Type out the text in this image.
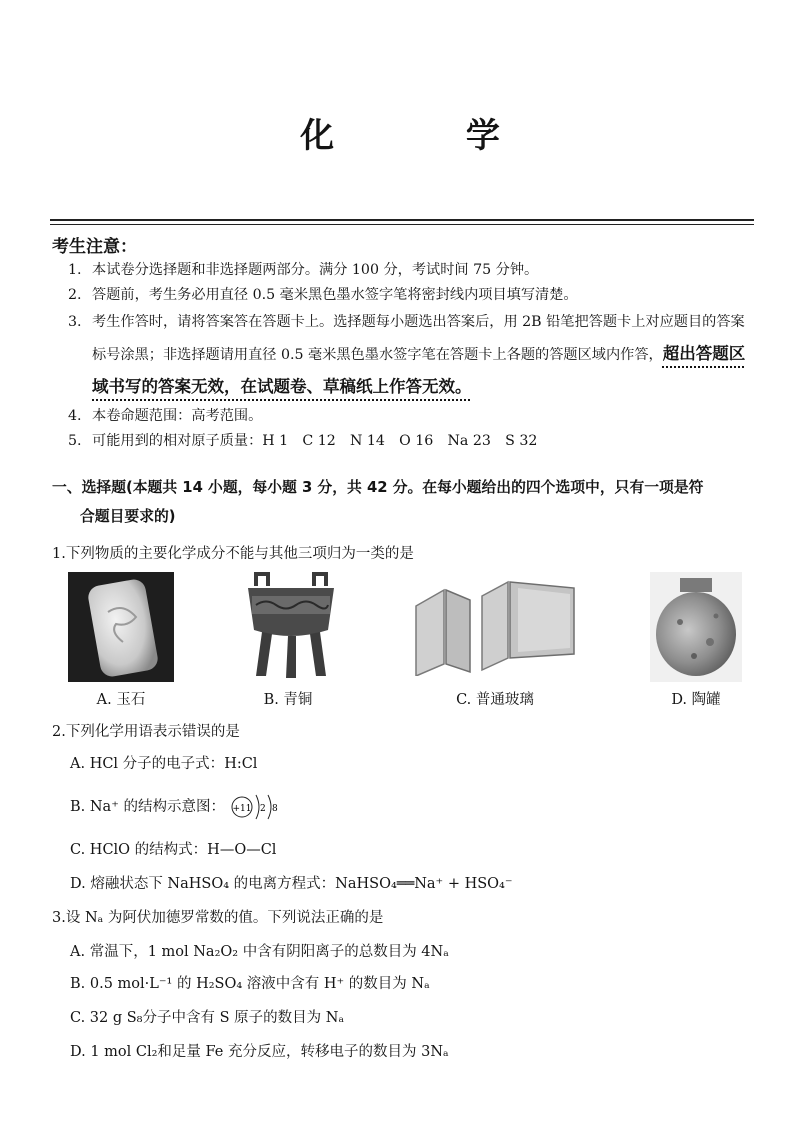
化 学
考生注意：
1. 本试卷分选择题和非选择题两部分。满分 100 分，考试时间 75 分钟。
2. 答题前，考生务必用直径 0.5 毫米黑色墨水签字笔将密封线内项目填写清楚。
3. 考生作答时，请将答案答在答题卡上。选择题每小题选出答案后，用 2B 铅笔把答题卡上对应题目的答案标号涂黑；非选择题请用直径 0.5 毫米黑色墨水签字笔在答题卡上各题的答题区域内作答，超出答题区域书写的答案无效，在试题卷、草稿纸上作答无效。
4. 本卷命题范围：高考范围。
5. 可能用到的相对原子质量：H 1　C 12　N 14　O 16　Na 23　S 32
一、选择题(本题共 14 小题，每小题 3 分，共 42 分。在每小题给出的四个选项中，只有一项是符
合题目要求的)
1.下列物质的主要化学成分不能与其他三项归为一类的是
A. 玉石	B. 青铜	C. 普通玻璃	D. 陶罐
2.下列化学用语表示错误的是
A. HCl 分子的电子式：H:Cl
B. Na⁺ 的结构示意图： +11 2 8
C. HClO 的结构式：H—O—Cl
D. 熔融状态下 NaHSO₄ 的电离方程式：NaHSO₄══Na⁺ + HSO₄⁻
3.设 Nₐ 为阿伏加德罗常数的值。下列说法正确的是
A. 常温下，1 mol Na₂O₂ 中含有阴阳离子的总数目为 4Nₐ
B. 0.5 mol·L⁻¹ 的 H₂SO₄ 溶液中含有 H⁺ 的数目为 Nₐ
C. 32 g S₈分子中含有 S 原子的数目为 Nₐ
D. 1 mol Cl₂和足量 Fe 充分反应，转移电子的数目为 3Nₐ
